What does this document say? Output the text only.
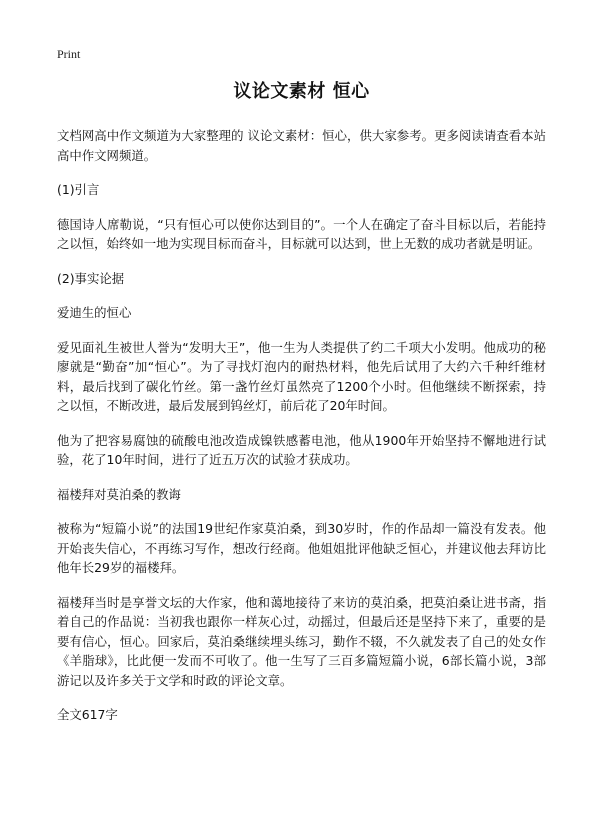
Print
议论文素材 恒心

文档网高中作文频道为大家整理的 议论文素材：恒心，供大家参考。更多阅读请查看本站高中作文网频道。

(1)引言

德国诗人席勒说，“只有恒心可以使你达到目的”。一个人在确定了奋斗目标以后，若能持之以恒，始终如一地为实现目标而奋斗，目标就可以达到，世上无数的成功者就是明证。

(2)事实论据
爱迪生的恒心

爱见面礼生被世人誉为“发明大王”，他一生为人类提供了约二千项大小发明。他成功的秘廖就是“勤奋”加“恒心”。为了寻找灯泡内的耐热材料，他先后试用了大约六千种纤维材料，最后找到了碳化竹丝。第一盏竹丝灯虽然亮了1200个小时。但他继续不断探索，持之以恒，不断改进，最后发展到钨丝灯，前后花了20年时间。

他为了把容易腐蚀的硫酸电池改造成镍铁感蓄电池，他从1900年开始坚持不懈地进行试验，花了10年时间，进行了近五万次的试验才获成功。

福楼拜对莫泊桑的教诲

被称为“短篇小说”的法国19世纪作家莫泊桑，到30岁时，作的作品却一篇没有发表。他开始丧失信心，不再练习写作，想改行经商。他姐姐批评他缺乏恒心，并建议他去拜访比他年长29岁的福楼拜。

福楼拜当时是享誉文坛的大作家，他和蔼地接待了来访的莫泊桑，把莫泊桑让进书斋，指着自己的作品说：当初我也跟你一样灰心过，动摇过，但最后还是坚持下来了，重要的是要有信心，恒心。回家后，莫泊桑继续埋头练习，勤作不辍，不久就发表了自己的处女作《羊脂球》，比此便一发而不可收了。他一生写了三百多篇短篇小说，6部长篇小说，3部游记以及许多关于文学和时政的评论文章。

全文617字
